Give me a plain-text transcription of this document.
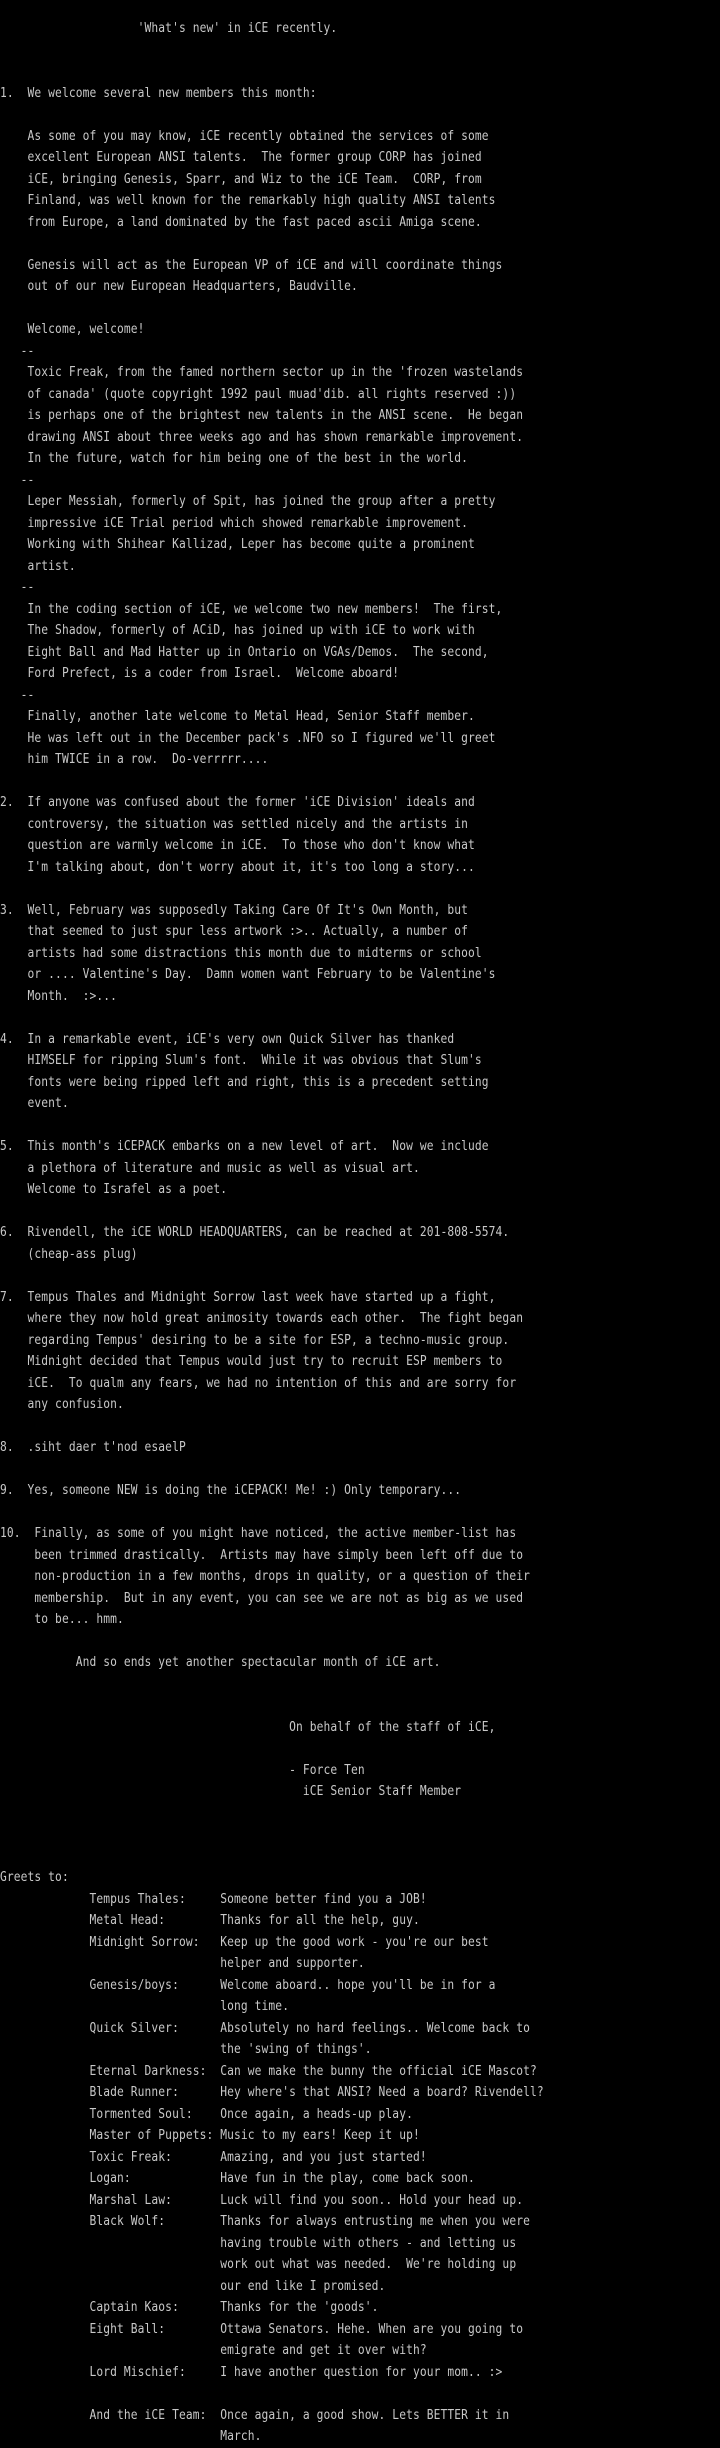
'What's new' in iCE recently.

1.  We welcome several new members this month:

As some of you may know, iCE recently obtained the services of some
excellent European ANSI talents.  The former group CORP has joined
iCE, bringing Genesis, Sparr, and Wiz to the iCE Team.  CORP, from
Finland, was well known for the remarkably high quality ANSI talents
from Europe, a land dominated by the fast paced ascii Amiga scene.

Genesis will act as the European VP of iCE and will coordinate things
out of our new European Headquarters, Baudville.

Welcome, welcome!
--
Toxic Freak, from the famed northern sector up in the 'frozen wastelands
of canada' (quote copyright 1992 paul muad'dib. all rights reserved :))
is perhaps one of the brightest new talents in the ANSI scene.  He began
drawing ANSI about three weeks ago and has shown remarkable improvement.
In the future, watch for him being one of the best in the world.
--
Leper Messiah, formerly of Spit, has joined the group after a pretty
impressive iCE Trial period which showed remarkable improvement.
Working with Shihear Kallizad, Leper has become quite a prominent
artist.
--
In the coding section of iCE, we welcome two new members!  The first,
The Shadow, formerly of ACiD, has joined up with iCE to work with
Eight Ball and Mad Hatter up in Ontario on VGAs/Demos.  The second,
Ford Prefect, is a coder from Israel.  Welcome aboard!
--
Finally, another late welcome to Metal Head, Senior Staff member.
He was left out in the December pack's .NFO so I figured we'll greet
him TWICE in a row.  Do-verrrrr....

2.  If anyone was confused about the former 'iCE Division' ideals and
controversy, the situation was settled nicely and the artists in
question are warmly welcome in iCE.  To those who don't know what
I'm talking about, don't worry about it, it's too long a story...

3.  Well, February was supposedly Taking Care Of It's Own Month, but
that seemed to just spur less artwork :>.. Actually, a number of
artists had some distractions this month due to midterms or school
or .... Valentine's Day.  Damn women want February to be Valentine's
Month.  :>...

4.  In a remarkable event, iCE's very own Quick Silver has thanked
HIMSELF for ripping Slum's font.  While it was obvious that Slum's
fonts were being ripped left and right, this is a precedent setting
event.

5.  This month's iCEPACK embarks on a new level of art.  Now we include
a plethora of literature and music as well as visual art.
Welcome to Israfel as a poet.

6.  Rivendell, the iCE WORLD HEADQUARTERS, can be reached at 201-808-5574.
(cheap-ass plug)

7.  Tempus Thales and Midnight Sorrow last week have started up a fight,
where they now hold great animosity towards each other.  The fight began
regarding Tempus' desiring to be a site for ESP, a techno-music group.
Midnight decided that Tempus would just try to recruit ESP members to
iCE.  To qualm any fears, we had no intention of this and are sorry for
any confusion.

8.  .siht daer t'nod esaelP

9.  Yes, someone NEW is doing the iCEPACK! Me! :) Only temporary...

10.  Finally, as some of you might have noticed, the active member-list has
been trimmed drastically.  Artists may have simply been left off due to
non-production in a few months, drops in quality, or a question of their
membership.  But in any event, you can see we are not as big as we used
to be... hmm.

And so ends yet another spectacular month of iCE art.

On behalf of the staff of iCE,

- Force Ten
iCE Senior Staff Member

Greets to:
Tempus Thales:     Someone better find you a JOB!
Metal Head:        Thanks for all the help, guy.
Midnight Sorrow:   Keep up the good work - you're our best
helper and supporter.
Genesis/boys:      Welcome aboard.. hope you'll be in for a
long time.
Quick Silver:      Absolutely no hard feelings.. Welcome back to
the 'swing of things'.
Eternal Darkness:  Can we make the bunny the official iCE Mascot?
Blade Runner:      Hey where's that ANSI? Need a board? Rivendell?
Tormented Soul:    Once again, a heads-up play.
Master of Puppets: Music to my ears! Keep it up!
Toxic Freak:       Amazing, and you just started!
Logan:             Have fun in the play, come back soon.
Marshal Law:       Luck will find you soon.. Hold your head up.
Black Wolf:        Thanks for always entrusting me when you were
having trouble with others - and letting us
work out what was needed.  We're holding up
our end like I promised.
Captain Kaos:      Thanks for the 'goods'.
Eight Ball:        Ottawa Senators. Hehe. When are you going to
emigrate and get it over with?
Lord Mischief:     I have another question for your mom.. :>

And the iCE Team:  Once again, a good show. Lets BETTER it in
March.
